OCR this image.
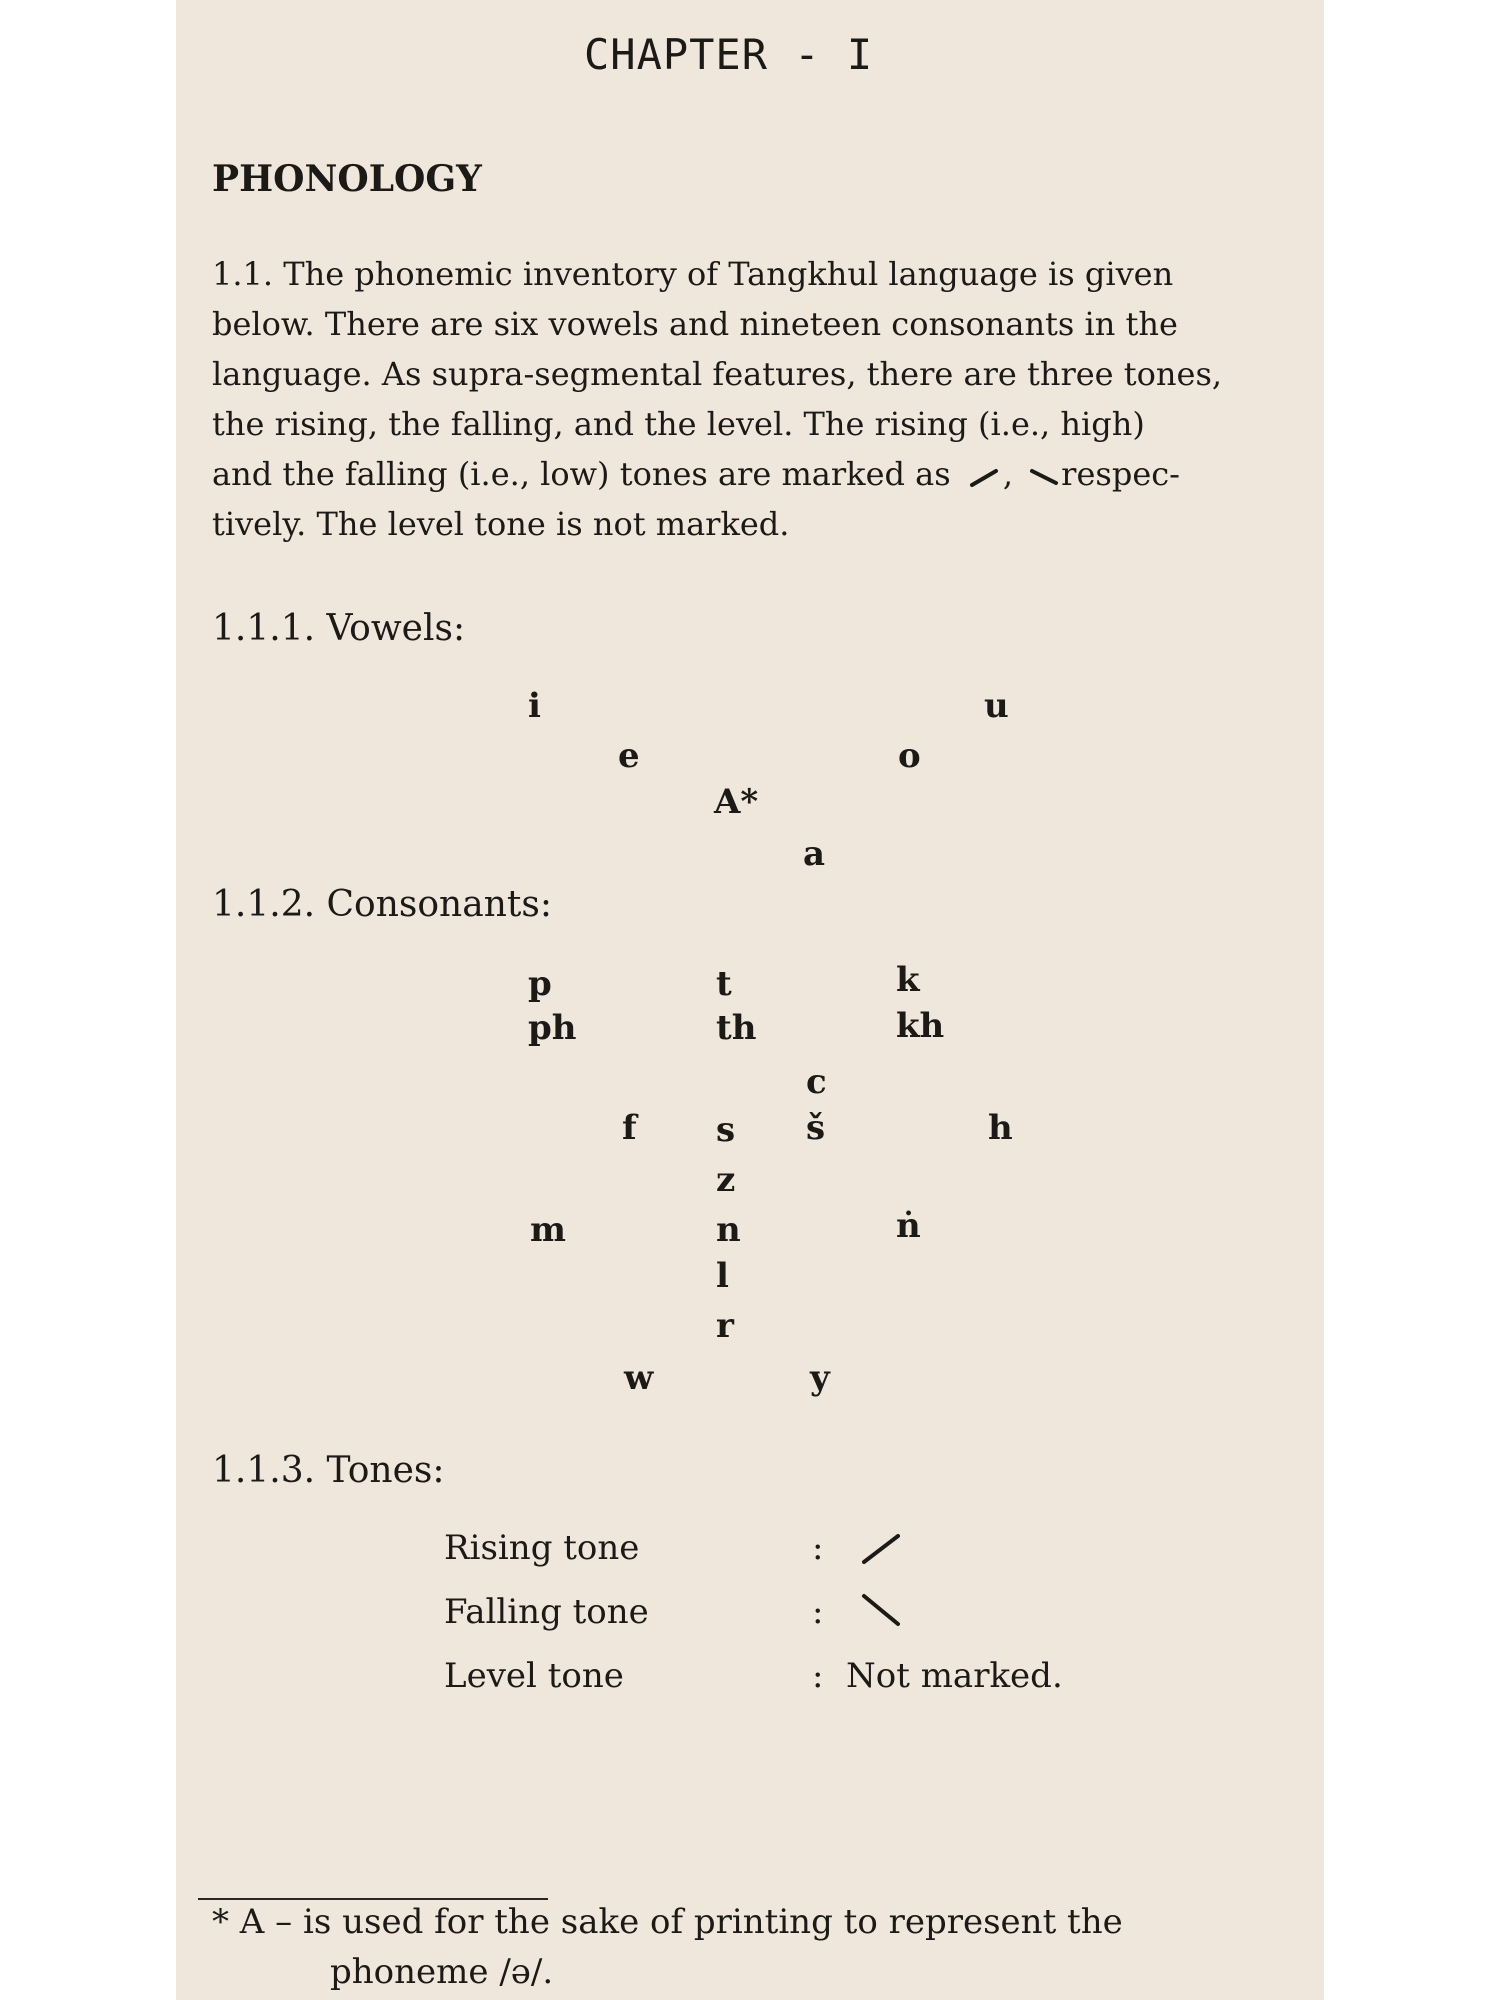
CHAPTER - I
PHONOLOGY
1.1. The phonemic inventory of Tangkhul language is given
below. There are six vowels and nineteen consonants in the
language. As supra-segmental features, there are three tones,
the rising, the falling, and the level. The rising (i.e., high)
and the falling (i.e., low) tones are marked as , respec-
tively. The level tone is not marked.
1.1.1. Vowels:
i	u
e	o
A*
a
1.1.2. Consonants:
p	t	k
ph	th	kh
c
f s š	h
z
m	n	ṅ
l
r
w	y
1.1.3. Tones:
Rising tone	:
Falling tone	:
Level tone	: Not marked.
* A – is used for the sake of printing to represent the
phoneme /ə/.
